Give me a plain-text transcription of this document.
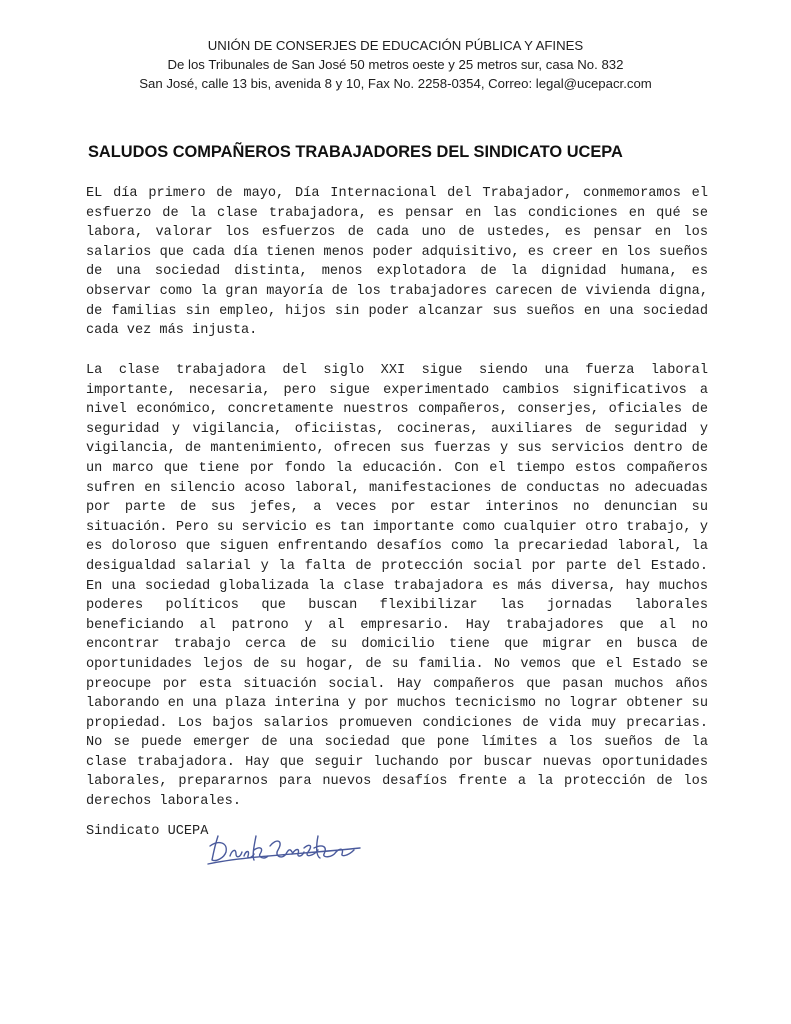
UNIÓN DE CONSERJES DE EDUCACIÓN PÚBLICA Y AFINES
De los Tribunales de San José 50 metros oeste y 25 metros sur, casa No. 832
San José, calle 13 bis, avenida 8 y 10, Fax No. 2258-0354, Correo: legal@ucepacr.com
SALUDOS COMPAÑEROS TRABAJADORES DEL SINDICATO UCEPA
EL día primero de mayo, Día Internacional del Trabajador, conmemoramos el esfuerzo de la clase trabajadora, es pensar en las condiciones en qué se labora, valorar los esfuerzos de cada uno de ustedes, es pensar en los salarios que cada día tienen menos poder adquisitivo, es creer en los sueños de una sociedad distinta, menos explotadora de la dignidad humana, es observar como la gran mayoría de los trabajadores carecen de vivienda digna, de familias sin empleo, hijos sin poder alcanzar sus sueños en una sociedad cada vez más injusta.
La clase trabajadora del siglo XXI sigue siendo una fuerza laboral importante, necesaria, pero sigue experimentado cambios significativos a nivel económico, concretamente nuestros compañeros, conserjes, oficiales de seguridad y vigilancia, oficiistas, cocineras, auxiliares de seguridad y vigilancia, de mantenimiento, ofrecen sus fuerzas y sus servicios dentro de un marco que tiene por fondo la educación. Con el tiempo estos compañeros sufren en silencio acoso laboral, manifestaciones de conductas no adecuadas por parte de sus jefes, a veces por estar interinos no denuncian su situación. Pero su servicio es tan importante como cualquier otro trabajo, y es doloroso que siguen enfrentando desafíos como la precariedad laboral, la desigualdad salarial y la falta de protección social por parte del Estado. En una sociedad globalizada la clase trabajadora es más diversa, hay muchos poderes políticos que buscan flexibilizar las jornadas laborales beneficiando al patrono y al empresario. Hay trabajadores que al no encontrar trabajo cerca de su domicilio tiene que migrar en busca de oportunidades lejos de su hogar, de su familia. No vemos que el Estado se preocupe por esta situación social. Hay compañeros que pasan muchos años laborando en una plaza interina y por muchos tecnicismo no lograr obtener su propiedad. Los bajos salarios promueven condiciones de vida muy precarias. No se puede emerger de una sociedad que pone límites a los sueños de la clase trabajadora. Hay que seguir luchando por buscar nuevas oportunidades laborales, prepararnos para nuevos desafíos frente a la protección de los derechos laborales.
Sindicato UCEPA
